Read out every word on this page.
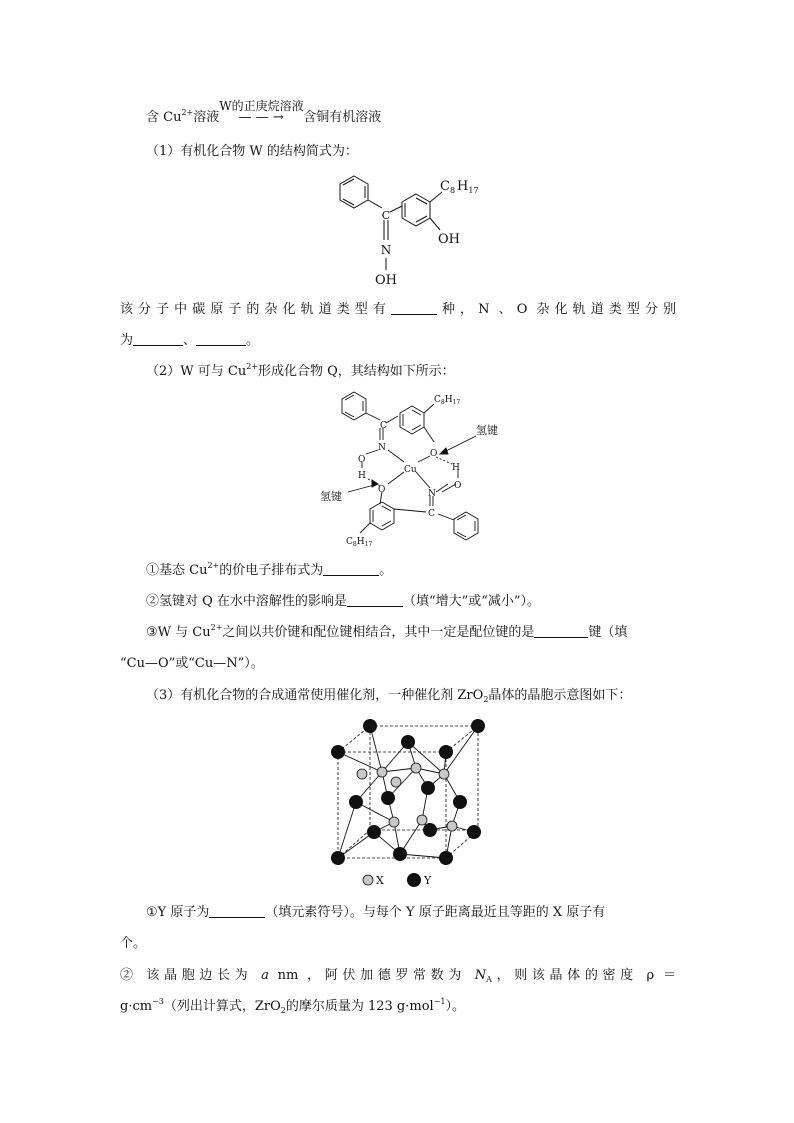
含 $Cu^{2+}$溶液
W的正庚烷溶液
— — → 含铜有机溶液
（1）有机化合物 W 的结构简式为：
C
N
OH
OH
$C_8$ $H_{17}$
该分子中碳原子的杂化轨道类型有	种，N 、O 杂化轨道类型分别
为	、	。
（2）W 可与 $Cu^{2+}$形成化合物 Q，其结构如下所示：
C
N
O
H
O
O
H
Cu
O	N
C
氢键
氢键
$C_8H_{17}$
$C_8H_{17}$
①基态 $Cu^{2+}$的价电子排布式为	。
②氢键对 Q 在水中溶解性的影响是	（填“增大”或“减小”）。
③W 与 $Cu^{2+}$之间以共价键和配位键相结合，其中一定是配位键的是	键（填
“Cu—O”或“Cu—N”）。
（3）有机化合物的合成通常使用催化剂，一种催化剂 ZrO$_2$晶体的晶胞示意图如下：
X	Y
①Y 原子为	（填元素符号）。与每个 Y 原子距离最近且等距的 X 原子有
个。
② 该晶胞边长为 a nm ，阿伏加德罗常数为 $N_A$，则该晶体的密度 ρ ＝
$g\cdot cm^{-3}$（列出计算式，ZrO$_2$的摩尔质量为 123 g·mol$^{-1}$）。
